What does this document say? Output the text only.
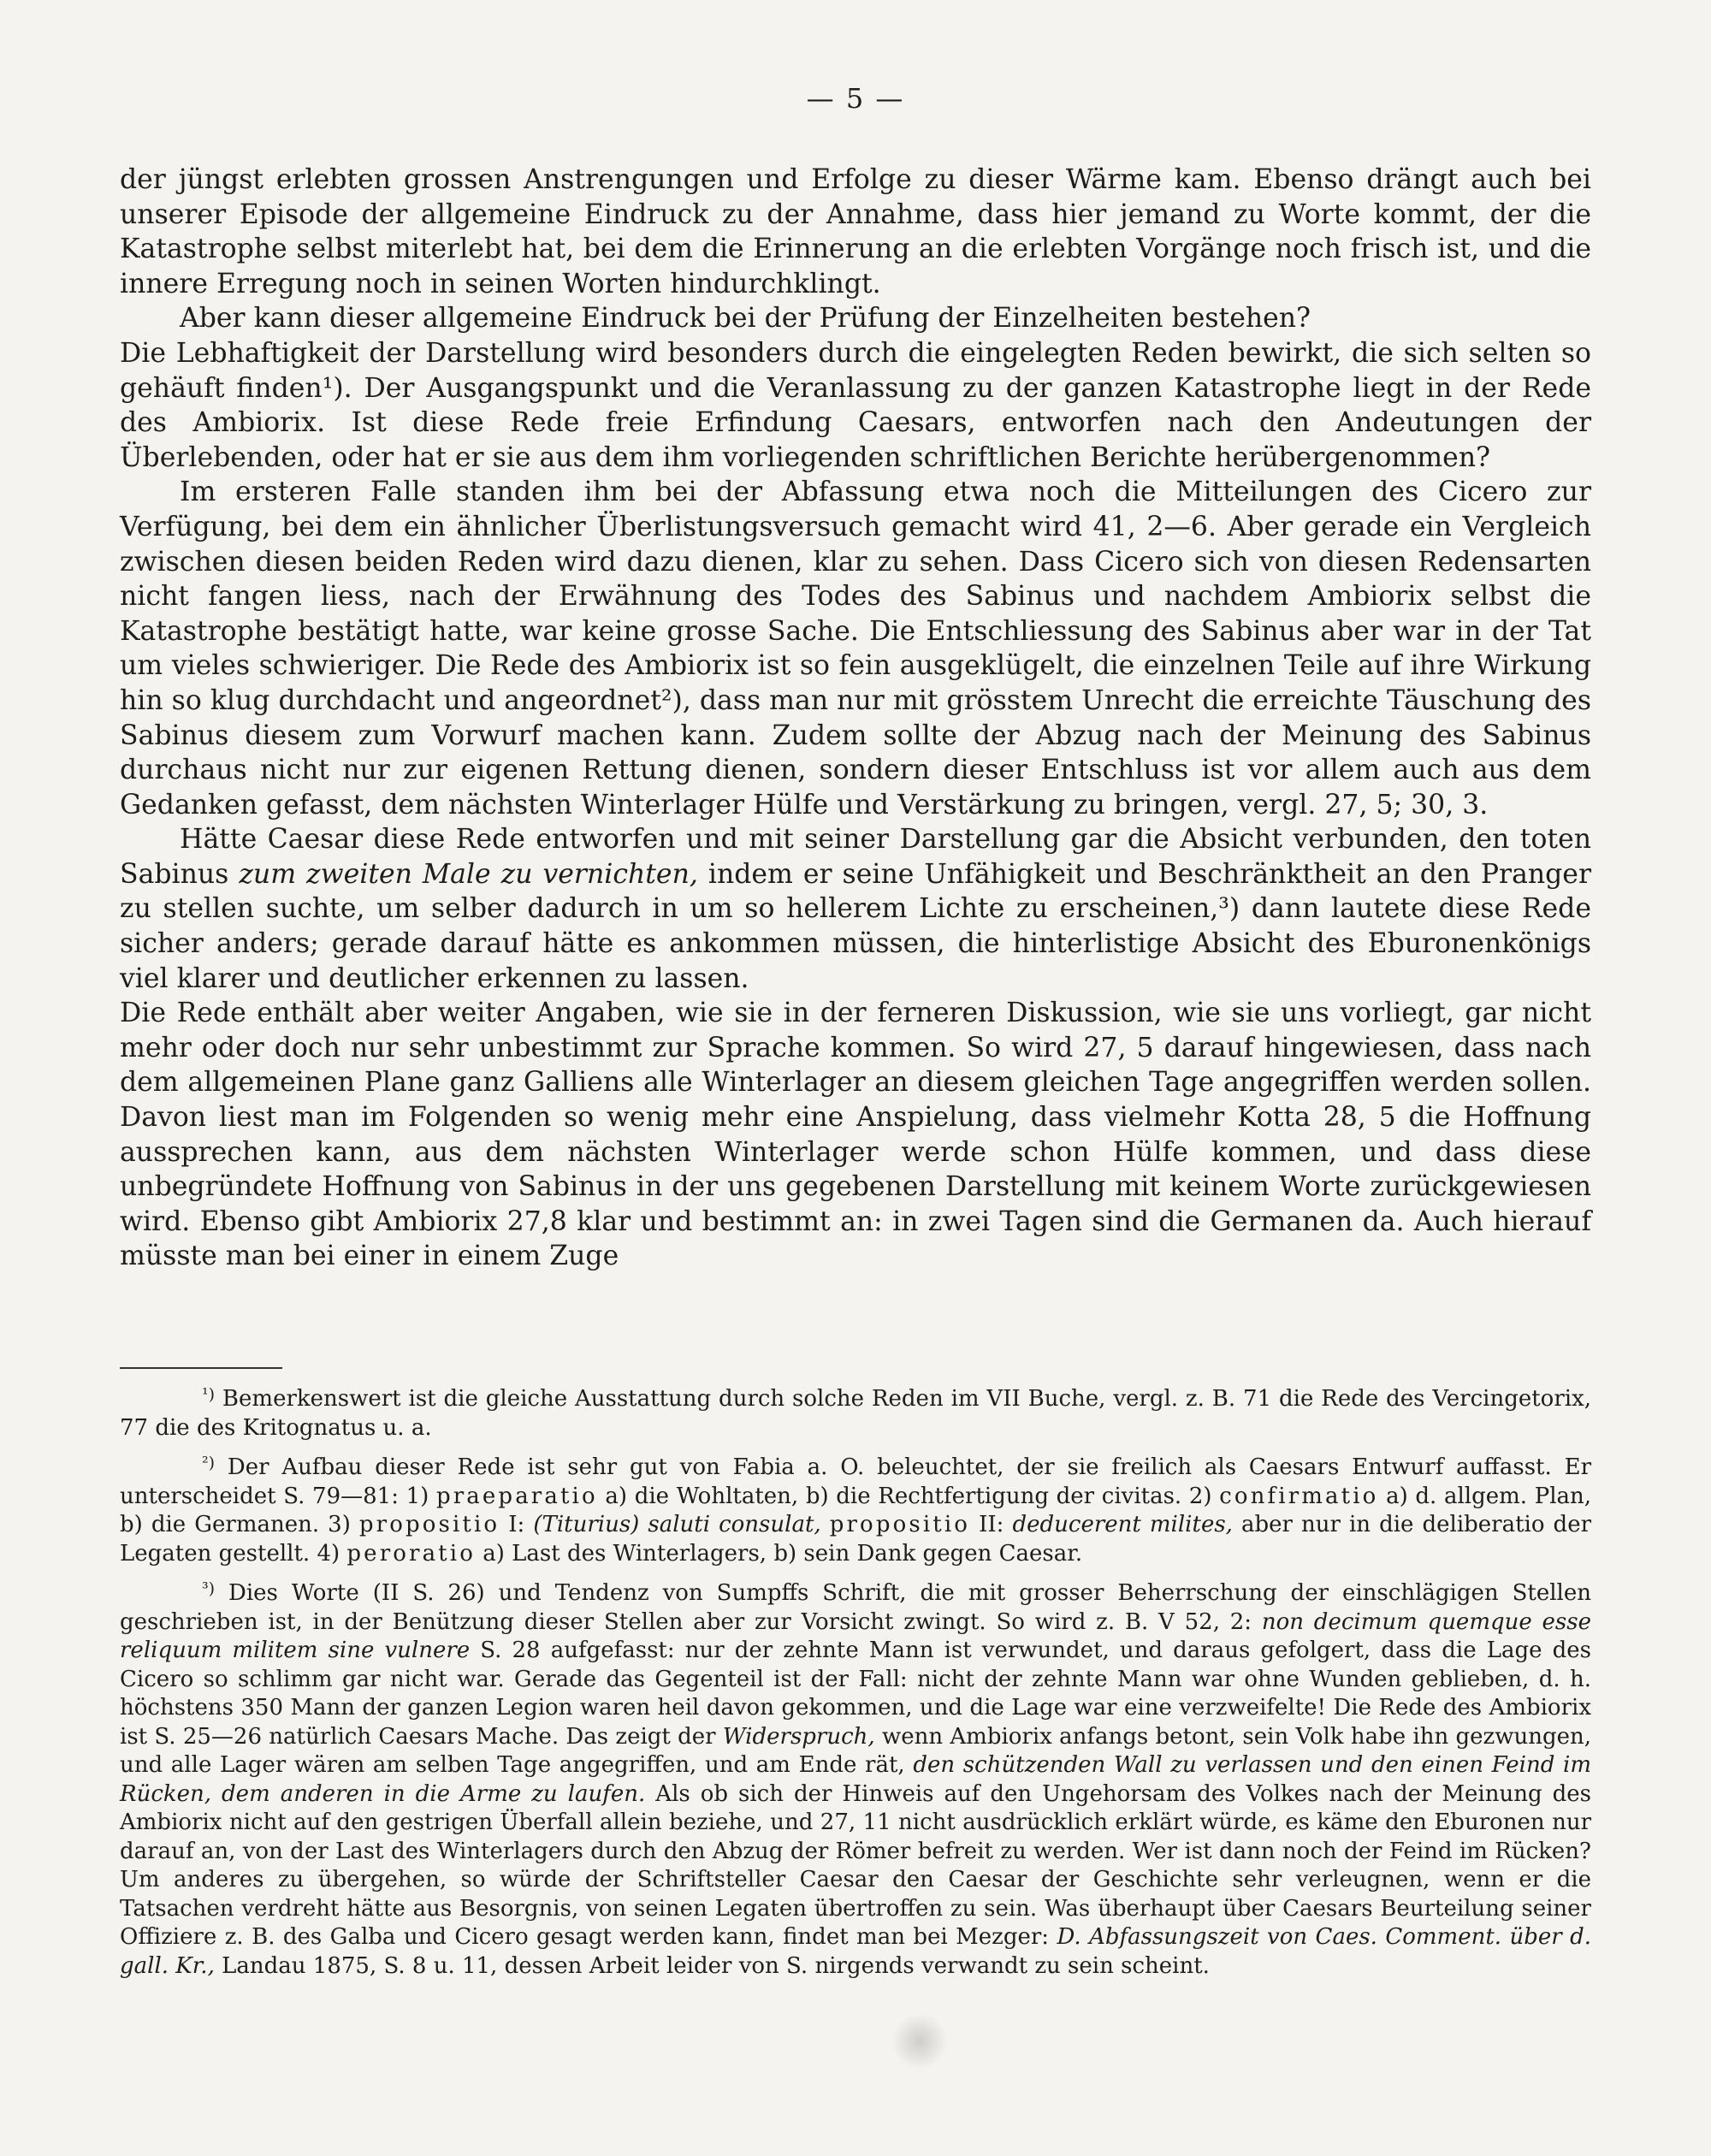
— 5 —

der jüngst erlebten grossen Anstrengungen und Erfolge zu dieser Wärme kam. Ebenso drängt auch bei unserer Episode der allgemeine Eindruck zu der Annahme, dass hier jemand zu Worte kommt, der die Katastrophe selbst miterlebt hat, bei dem die Erinnerung an die erlebten Vorgänge noch frisch ist, und die innere Erregung noch in seinen Worten hindurchklingt.

Aber kann dieser allgemeine Eindruck bei der Prüfung der Einzelheiten bestehen?

Die Lebhaftigkeit der Darstellung wird besonders durch die eingelegten Reden bewirkt, die sich selten so gehäuft finden¹). Der Ausgangspunkt und die Veranlassung zu der ganzen Katastrophe liegt in der Rede des Ambiorix. Ist diese Rede freie Erfindung Caesars, entworfen nach den Andeutungen der Überlebenden, oder hat er sie aus dem ihm vorliegenden schriftlichen Berichte herübergenommen?

Im ersteren Falle standen ihm bei der Abfassung etwa noch die Mitteilungen des Cicero zur Verfügung, bei dem ein ähnlicher Überlistungsversuch gemacht wird 41, 2—6. Aber gerade ein Vergleich zwischen diesen beiden Reden wird dazu dienen, klar zu sehen. Dass Cicero sich von diesen Redensarten nicht fangen liess, nach der Erwähnung des Todes des Sabinus und nachdem Ambiorix selbst die Katastrophe bestätigt hatte, war keine grosse Sache. Die Entschliessung des Sabinus aber war in der Tat um vieles schwieriger. Die Rede des Ambiorix ist so fein ausgeklügelt, die einzelnen Teile auf ihre Wirkung hin so klug durchdacht und angeordnet²), dass man nur mit grösstem Unrecht die erreichte Täuschung des Sabinus diesem zum Vorwurf machen kann. Zudem sollte der Abzug nach der Meinung des Sabinus durchaus nicht nur zur eigenen Rettung dienen, sondern dieser Entschluss ist vor allem auch aus dem Gedanken gefasst, dem nächsten Winterlager Hülfe und Verstärkung zu bringen, vergl. 27, 5; 30, 3.

Hätte Caesar diese Rede entworfen und mit seiner Darstellung gar die Absicht verbunden, den toten Sabinus zum zweiten Male zu vernichten, indem er seine Unfähigkeit und Beschränktheit an den Pranger zu stellen suchte, um selber dadurch in um so hellerem Lichte zu erscheinen,³) dann lautete diese Rede sicher anders; gerade darauf hätte es ankommen müssen, die hinterlistige Absicht des Eburonenkönigs viel klarer und deutlicher erkennen zu lassen.

Die Rede enthält aber weiter Angaben, wie sie in der ferneren Diskussion, wie sie uns vorliegt, gar nicht mehr oder doch nur sehr unbestimmt zur Sprache kommen. So wird 27, 5 darauf hingewiesen, dass nach dem allgemeinen Plane ganz Galliens alle Winterlager an diesem gleichen Tage angegriffen werden sollen. Davon liest man im Folgenden so wenig mehr eine Anspielung, dass vielmehr Kotta 28, 5 die Hoffnung aussprechen kann, aus dem nächsten Winterlager werde schon Hülfe kommen, und dass diese unbegründete Hoffnung von Sabinus in der uns gegebenen Darstellung mit keinem Worte zurückgewiesen wird. Ebenso gibt Ambiorix 27,8 klar und bestimmt an: in zwei Tagen sind die Germanen da. Auch hierauf müsste man bei einer in einem Zuge

$^{^1)}$ Bemerkenswert ist die gleiche Ausstattung durch solche Reden im VII Buche, vergl. z. B. 71 die Rede des Vercingetorix, 77 die des Kritognatus u. a.

$^{^2)}$ Der Aufbau dieser Rede ist sehr gut von Fabia a. O. beleuchtet, der sie freilich als Caesars Entwurf auffasst. Er unterscheidet S. 79—81: 1) praeparatio a) die Wohltaten, b) die Rechtfertigung der civitas. 2) confirmatio a) d. allgem. Plan, b) die Germanen. 3) propositio I: (Titurius) saluti consulat, propositio II: deducerent milites, aber nur in die deliberatio der Legaten gestellt. 4) peroratio a) Last des Winterlagers, b) sein Dank gegen Caesar.

$^{^3)}$ Dies Worte (II S. 26) und Tendenz von Sumpffs Schrift, die mit grosser Beherrschung der einschlägigen Stellen geschrieben ist, in der Benützung dieser Stellen aber zur Vorsicht zwingt. So wird z. B. V 52, 2: non decimum quemque esse reliquum militem sine vulnere S. 28 aufgefasst: nur der zehnte Mann ist verwundet, und daraus gefolgert, dass die Lage des Cicero so schlimm gar nicht war. Gerade das Gegenteil ist der Fall: nicht der zehnte Mann war ohne Wunden geblieben, d. h. höchstens 350 Mann der ganzen Legion waren heil davon gekommen, und die Lage war eine verzweifelte! Die Rede des Ambiorix ist S. 25—26 natürlich Caesars Mache. Das zeigt der Widerspruch, wenn Ambiorix anfangs betont, sein Volk habe ihn gezwungen, und alle Lager wären am selben Tage angegriffen, und am Ende rät, den schützenden Wall zu verlassen und den einen Feind im Rücken, dem anderen in die Arme zu laufen. Als ob sich der Hinweis auf den Ungehorsam des Volkes nach der Meinung des Ambiorix nicht auf den gestrigen Überfall allein beziehe, und 27, 11 nicht ausdrücklich erklärt würde, es käme den Eburonen nur darauf an, von der Last des Winterlagers durch den Abzug der Römer befreit zu werden. Wer ist dann noch der Feind im Rücken? Um anderes zu übergehen, so würde der Schriftsteller Caesar den Caesar der Geschichte sehr verleugnen, wenn er die Tatsachen verdreht hätte aus Besorgnis, von seinen Legaten übertroffen zu sein. Was überhaupt über Caesars Beurteilung seiner Offiziere z. B. des Galba und Cicero gesagt werden kann, findet man bei Mezger: D. Abfassungszeit von Caes. Comment. über d. gall. Kr., Landau 1875, S. 8 u. 11, dessen Arbeit leider von S. nirgends verwandt zu sein scheint.
